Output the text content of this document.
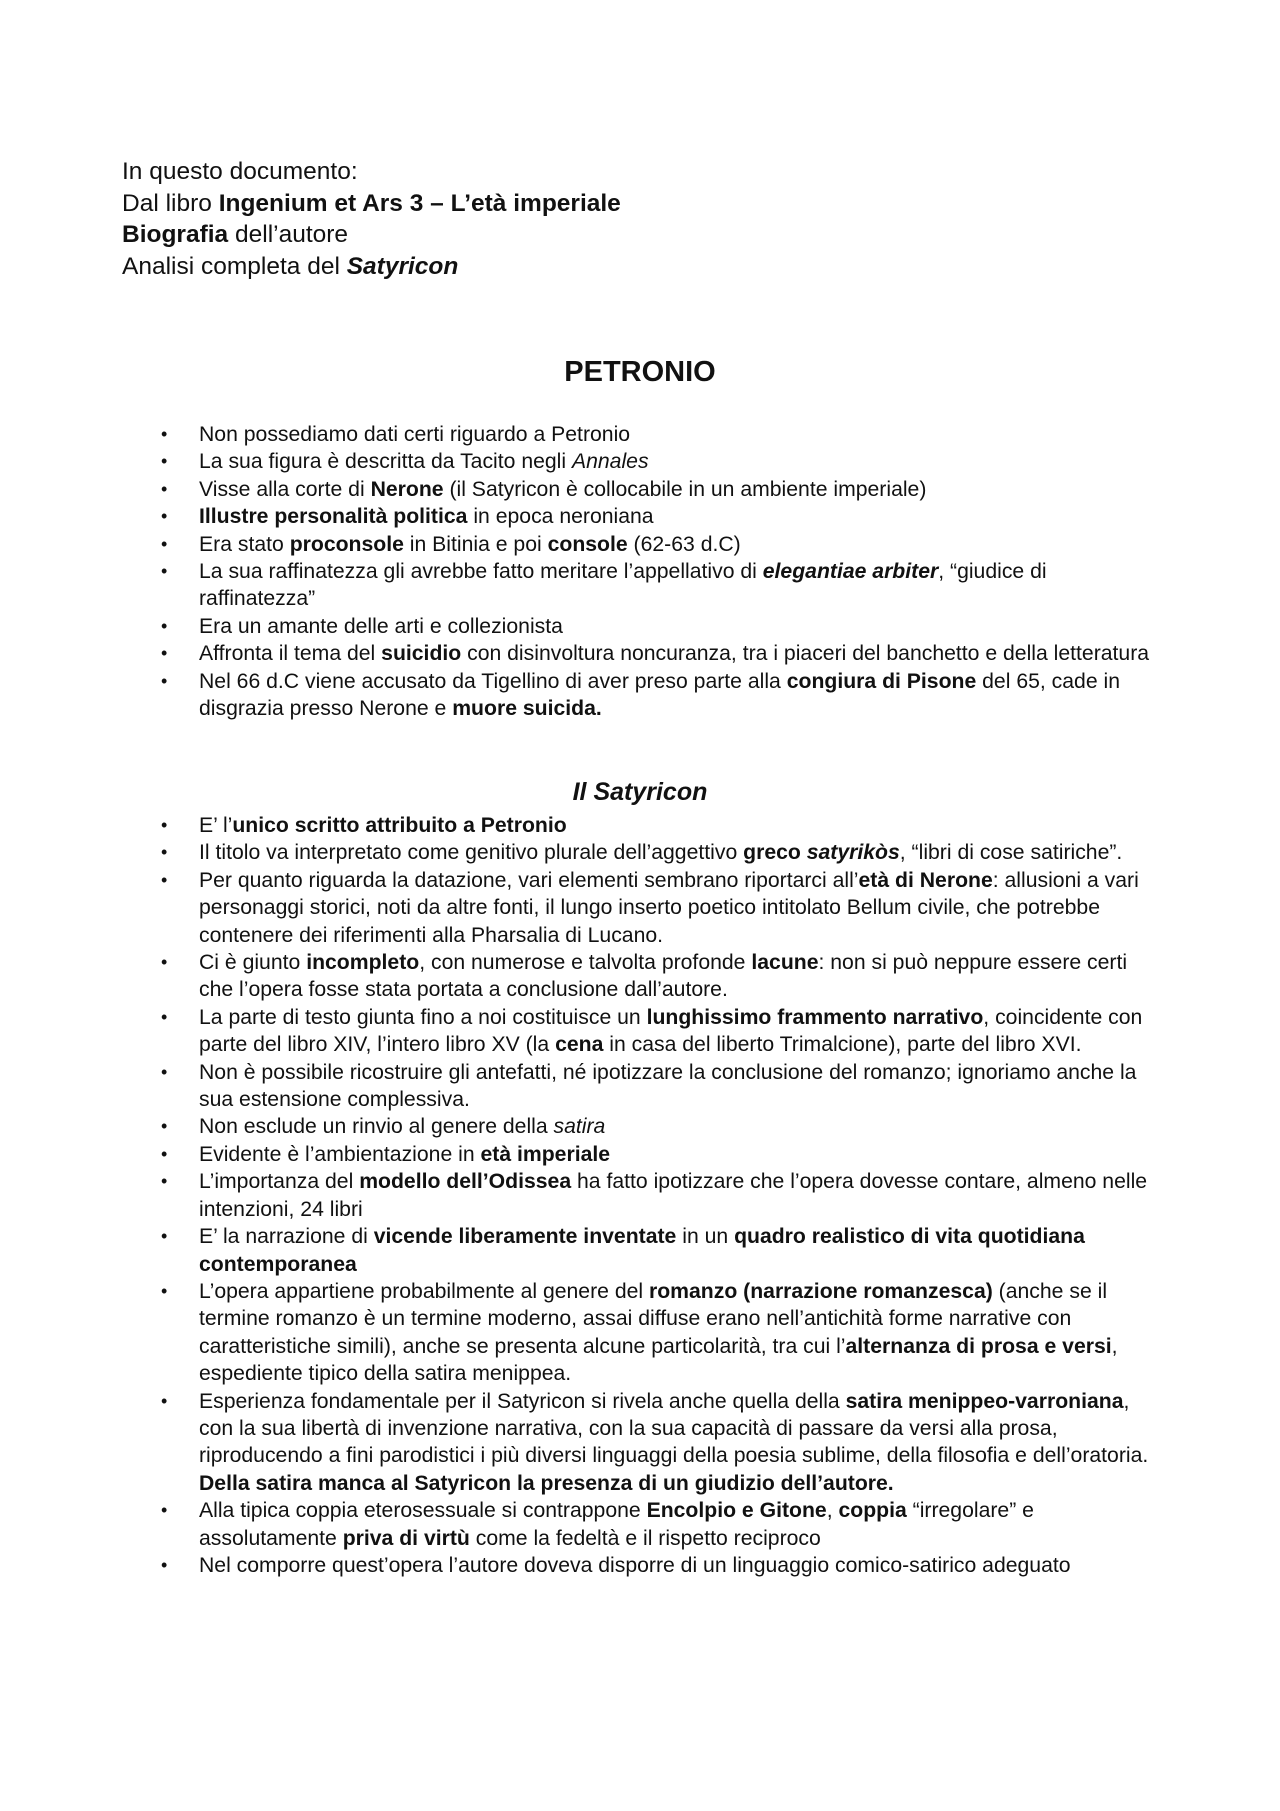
In questo documento:
Dal libro Ingenium et Ars 3 – L’età imperiale
Biografia dell’autore
Analisi completa del Satyricon
PETRONIO
• Non possediamo dati certi riguardo a Petronio
• La sua figura è descritta da Tacito negli Annales
• Visse alla corte di Nerone (il Satyricon è collocabile in un ambiente imperiale)
• Illustre personalità politica in epoca neroniana
• Era stato proconsole in Bitinia e poi console (62-63 d.C)
• La sua raffinatezza gli avrebbe fatto meritare l’appellativo di elegantiae arbiter, “giudice di raffinatezza”
• Era un amante delle arti e collezionista
• Affronta il tema del suicidio con disinvoltura noncuranza, tra i piaceri del banchetto e della letteratura
• Nel 66 d.C viene accusato da Tigellino di aver preso parte alla congiura di Pisone del 65, cade in disgrazia presso Nerone e muore suicida.
Il Satyricon
• E’ l’unico scritto attribuito a Petronio
• Il titolo va interpretato come genitivo plurale dell’aggettivo greco satyrikòs, “libri di cose satiriche”.
• Per quanto riguarda la datazione, vari elementi sembrano riportarci all’età di Nerone: allusioni a vari personaggi storici, noti da altre fonti, il lungo inserto poetico intitolato Bellum civile, che potrebbe contenere dei riferimenti alla Pharsalia di Lucano.
• Ci è giunto incompleto, con numerose e talvolta profonde lacune: non si può neppure essere certi che l’opera fosse stata portata a conclusione dall’autore.
• La parte di testo giunta fino a noi costituisce un lunghissimo frammento narrativo, coincidente con parte del libro XIV, l’intero libro XV (la cena in casa del liberto Trimalcione), parte del libro XVI.
• Non è possibile ricostruire gli antefatti, né ipotizzare la conclusione del romanzo; ignoriamo anche la sua estensione complessiva.
• Non esclude un rinvio al genere della satira
• Evidente è l’ambientazione in età imperiale
• L’importanza del modello dell’Odissea ha fatto ipotizzare che l’opera dovesse contare, almeno nelle intenzioni, 24 libri
• E’ la narrazione di vicende liberamente inventate in un quadro realistico di vita quotidiana contemporanea
• L’opera appartiene probabilmente al genere del romanzo (narrazione romanzesca) (anche se il termine romanzo è un termine moderno, assai diffuse erano nell’antichità forme narrative con caratteristiche simili), anche se presenta alcune particolarità, tra cui l’alternanza di prosa e versi, espediente tipico della satira menippea.
• Esperienza fondamentale per il Satyricon si rivela anche quella della satira menippeo-varroniana, con la sua libertà di invenzione narrativa, con la sua capacità di passare da versi alla prosa, riproducendo a fini parodistici i più diversi linguaggi della poesia sublime, della filosofia e dell’oratoria. Della satira manca al Satyricon la presenza di un giudizio dell’autore.
• Alla tipica coppia eterosessuale si contrappone Encolpio e Gitone, coppia “irregolare” e assolutamente priva di virtù come la fedeltà e il rispetto reciproco
• Nel comporre quest’opera l’autore doveva disporre di un linguaggio comico-satirico adeguato
